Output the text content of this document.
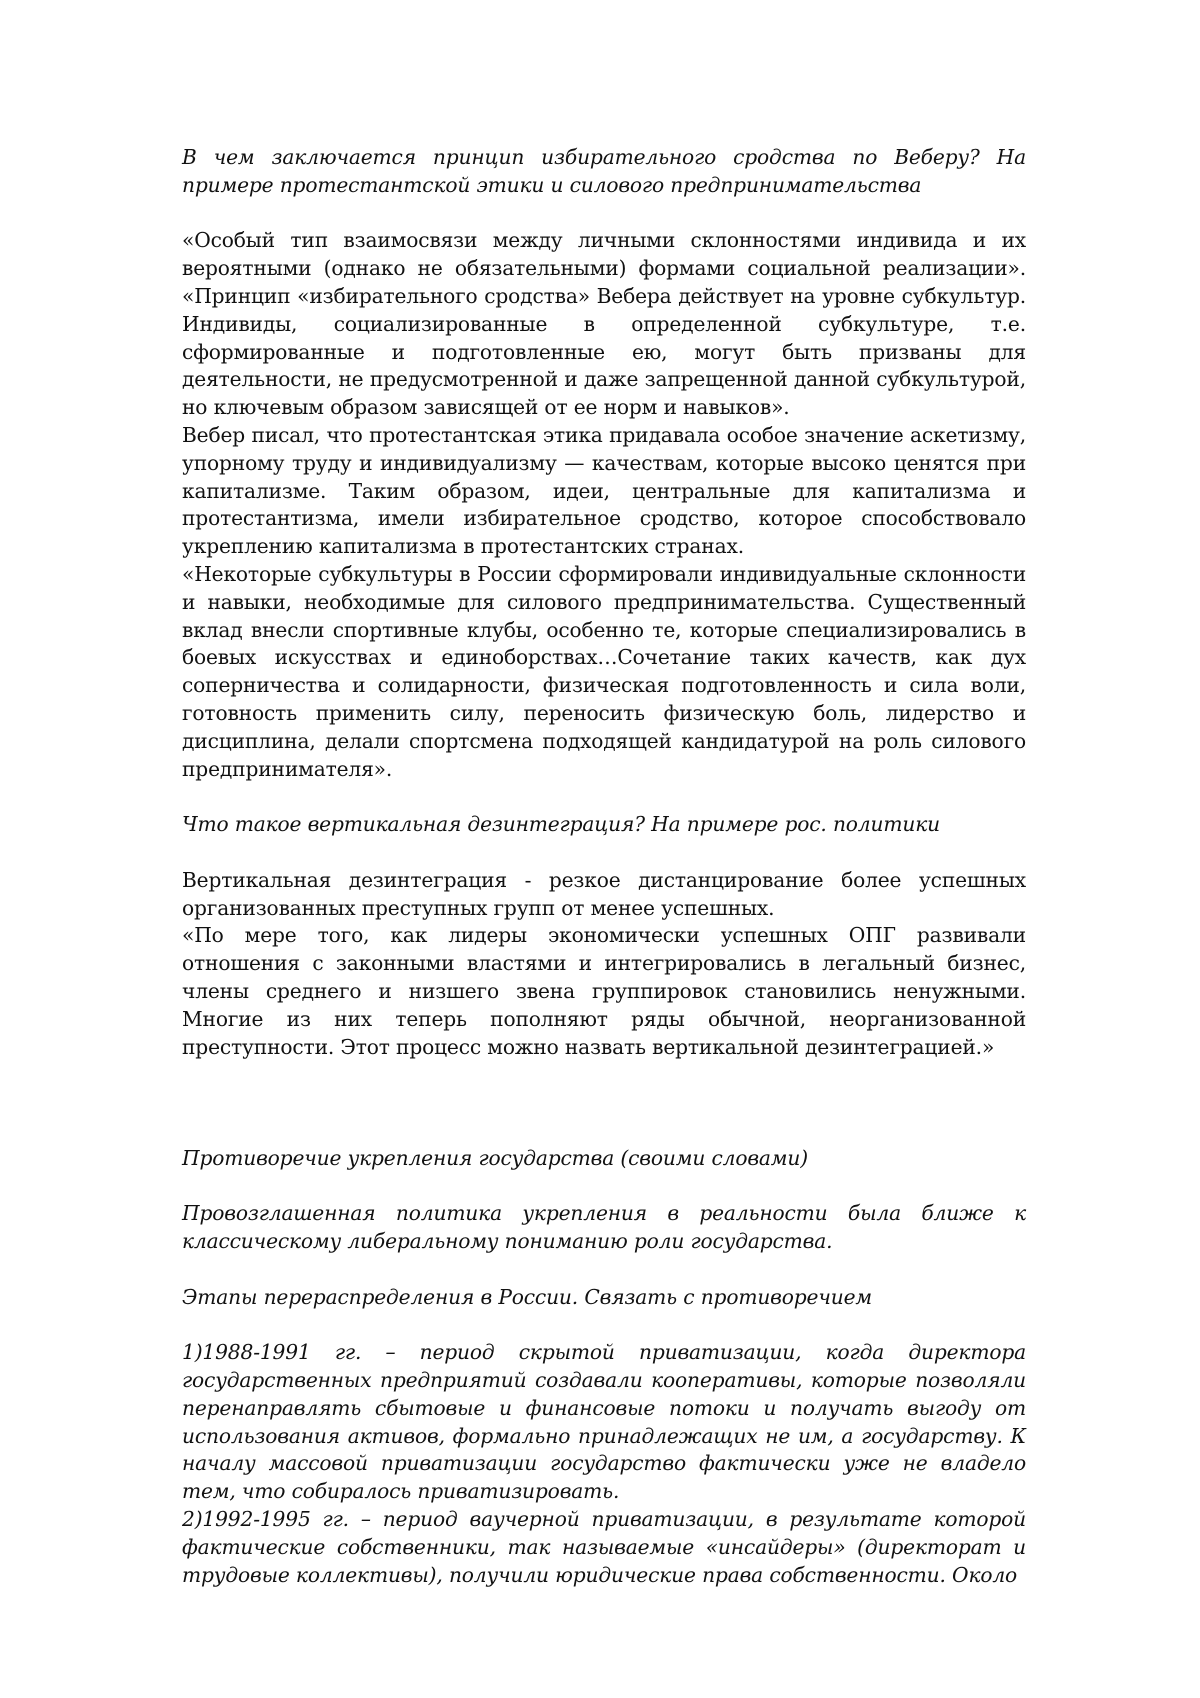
В чем заключается принцип избирательного сродства по Веберу? На примере протестантской этики и силового предпринимательства

«Особый тип взаимосвязи между личными склонностями индивида и их вероятными (однако не обязательными) формами социальной реализации». «Принцип «избирательного сродства» Вебера действует на уровне субкультур. Индивиды, социализированные в определенной субкультуре, т.е. сформированные и подготовленные ею, могут быть призваны для деятельности, не предусмотренной и даже запрещенной данной субкультурой, но ключевым образом зависящей от ее норм и навыков».

Вебер писал, что протестантская этика придавала особое значение аскетизму, упорному труду и индивидуализму — качествам, которые высоко ценятся при капитализме. Таким образом, идеи, центральные для капитализма и протестантизма, имели избирательное сродство, которое способствовало укреплению капитализма в протестантских странах.

«Некоторые субкультуры в России сформировали индивидуальные склонности и навыки, необходимые для силового предпринимательства. Существенный вклад внесли спортивные клубы, особенно те, которые специализировались в боевых искусствах и единоборствах…Сочетание таких качеств, как дух соперничества и солидарности, физическая подготовленность и сила воли, готовность применить силу, переносить физическую боль, лидерство и дисциплина, делали спортсмена подходящей кандидатурой на роль силового предпринимателя».

Что такое вертикальная дезинтеграция? На примере рос. политики

Вертикальная дезинтеграция - резкое дистанцирование более успешных организованных преступных групп от менее успешных.

«По мере того, как лидеры экономически успешных ОПГ развивали отношения с законными властями и интегрировались в легальный бизнес, члены среднего и низшего звена группировок становились ненужными. Многие из них теперь пополняют ряды обычной, неорганизованной преступности. Этот процесс можно назвать вертикальной дезинтеграцией.»

Противоречие укрепления государства (своими словами)

Провозглашенная политика укрепления в реальности была ближе к классическому либеральному пониманию роли государства.

Этапы перераспределения в России. Связать с противоречием

1)1988-1991 гг. – период скрытой приватизации, когда директора государственных предприятий создавали кооперативы, которые позволяли перенаправлять сбытовые и финансовые потоки и получать выгоду от использования активов, формально принадлежащих не им, а государству. К началу массовой приватизации государство фактически уже не владело тем, что собиралось приватизировать.

2)1992-1995 гг. – период ваучерной приватизации, в результате которой фактические собственники, так называемые «инсайдеры» (директорат и трудовые коллективы), получили юридические права собственности. Около
